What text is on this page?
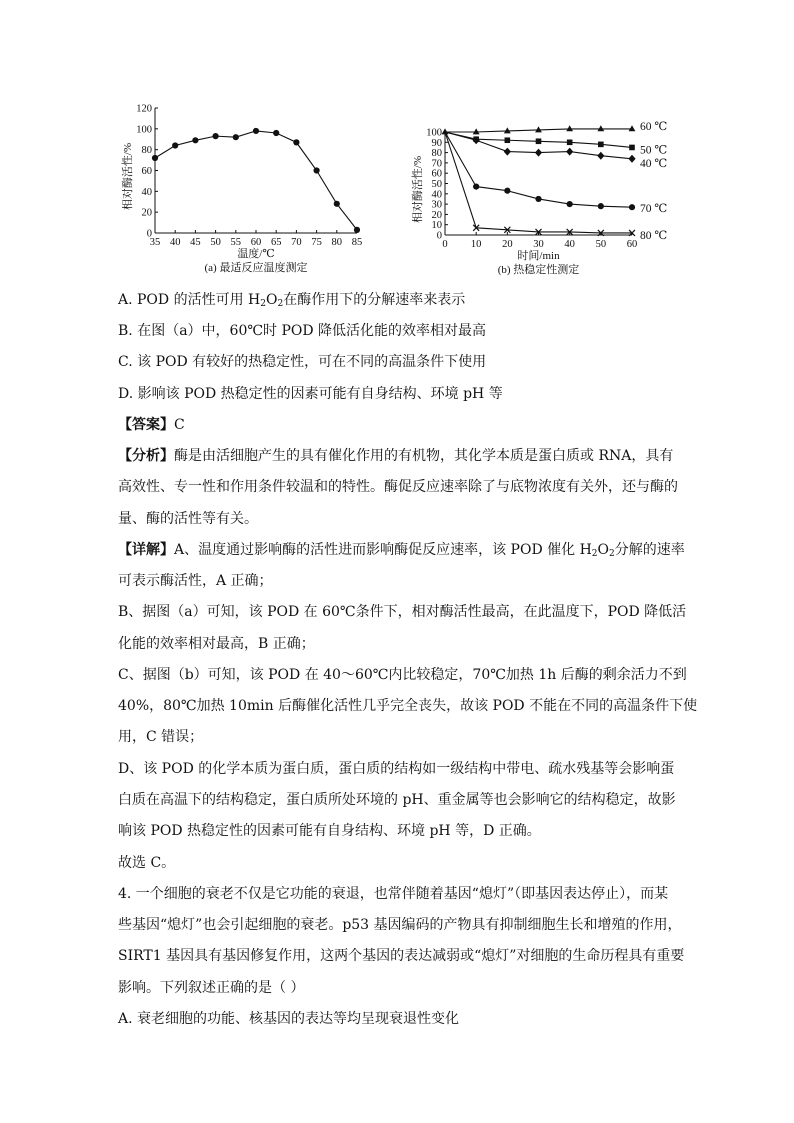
0
20
40
60
80
100
120
35 40 45 50 55 60 65 70 75 80 85
温度/℃
相对酶活性/%
(a) 最适反应温度测定
0
10
20
30
40
50
60
70
80
90
100
0 10 20 30 40 50 60
时间/min
相对酶活性/%
(b) 热稳定性测定
60 ℃
50 ℃
40 ℃
70 ℃
80 ℃
A. POD 的活性可用 $H_2O_2$在酶作用下的分解速率来表示
B. 在图（a）中，60℃时 POD 降低活化能的效率相对最高
C. 该 POD 有较好的热稳定性，可在不同的高温条件下使用
D. 影响该 POD 热稳定性的因素可能有自身结构、环境 pH 等
【答案】C
【分析】酶是由活细胞产生的具有催化作用的有机物，其化学本质是蛋白质或 RNA，具有
高效性、专一性和作用条件较温和的特性。酶促反应速率除了与底物浓度有关外，还与酶的
量、酶的活性等有关。
【详解】A、温度通过影响酶的活性进而影响酶促反应速率，该 POD 催化 $H_2O_2$分解的速率
可表示酶活性，A 正确；
B、据图（a）可知，该 POD 在 60℃条件下，相对酶活性最高，在此温度下，POD 降低活
化能的效率相对最高，B 正确；
C、据图（b）可知，该 POD 在 40～60℃内比较稳定，70℃加热 1h 后酶的剩余活力不到
40%，80℃加热 10min 后酶催化活性几乎完全丧失，故该 POD 不能在不同的高温条件下使
用，C 错误；
D、该 POD 的化学本质为蛋白质，蛋白质的结构如一级结构中带电、疏水残基等会影响蛋
白质在高温下的结构稳定，蛋白质所处环境的 pH、重金属等也会影响它的结构稳定，故影
响该 POD 热稳定性的因素可能有自身结构、环境 pH 等，D 正确。
故选 C。
4. 一个细胞的衰老不仅是它功能的衰退，也常伴随着基因“熄灯”（即基因表达停止），而某
些基因“熄灯”也会引起细胞的衰老。p53 基因编码的产物具有抑制细胞生长和增殖的作用，
SIRT1 基因具有基因修复作用，这两个基因的表达减弱或“熄灯”对细胞的生命历程具有重要
影响。下列叙述正确的是（ ）
A. 衰老细胞的功能、核基因的表达等均呈现衰退性变化
